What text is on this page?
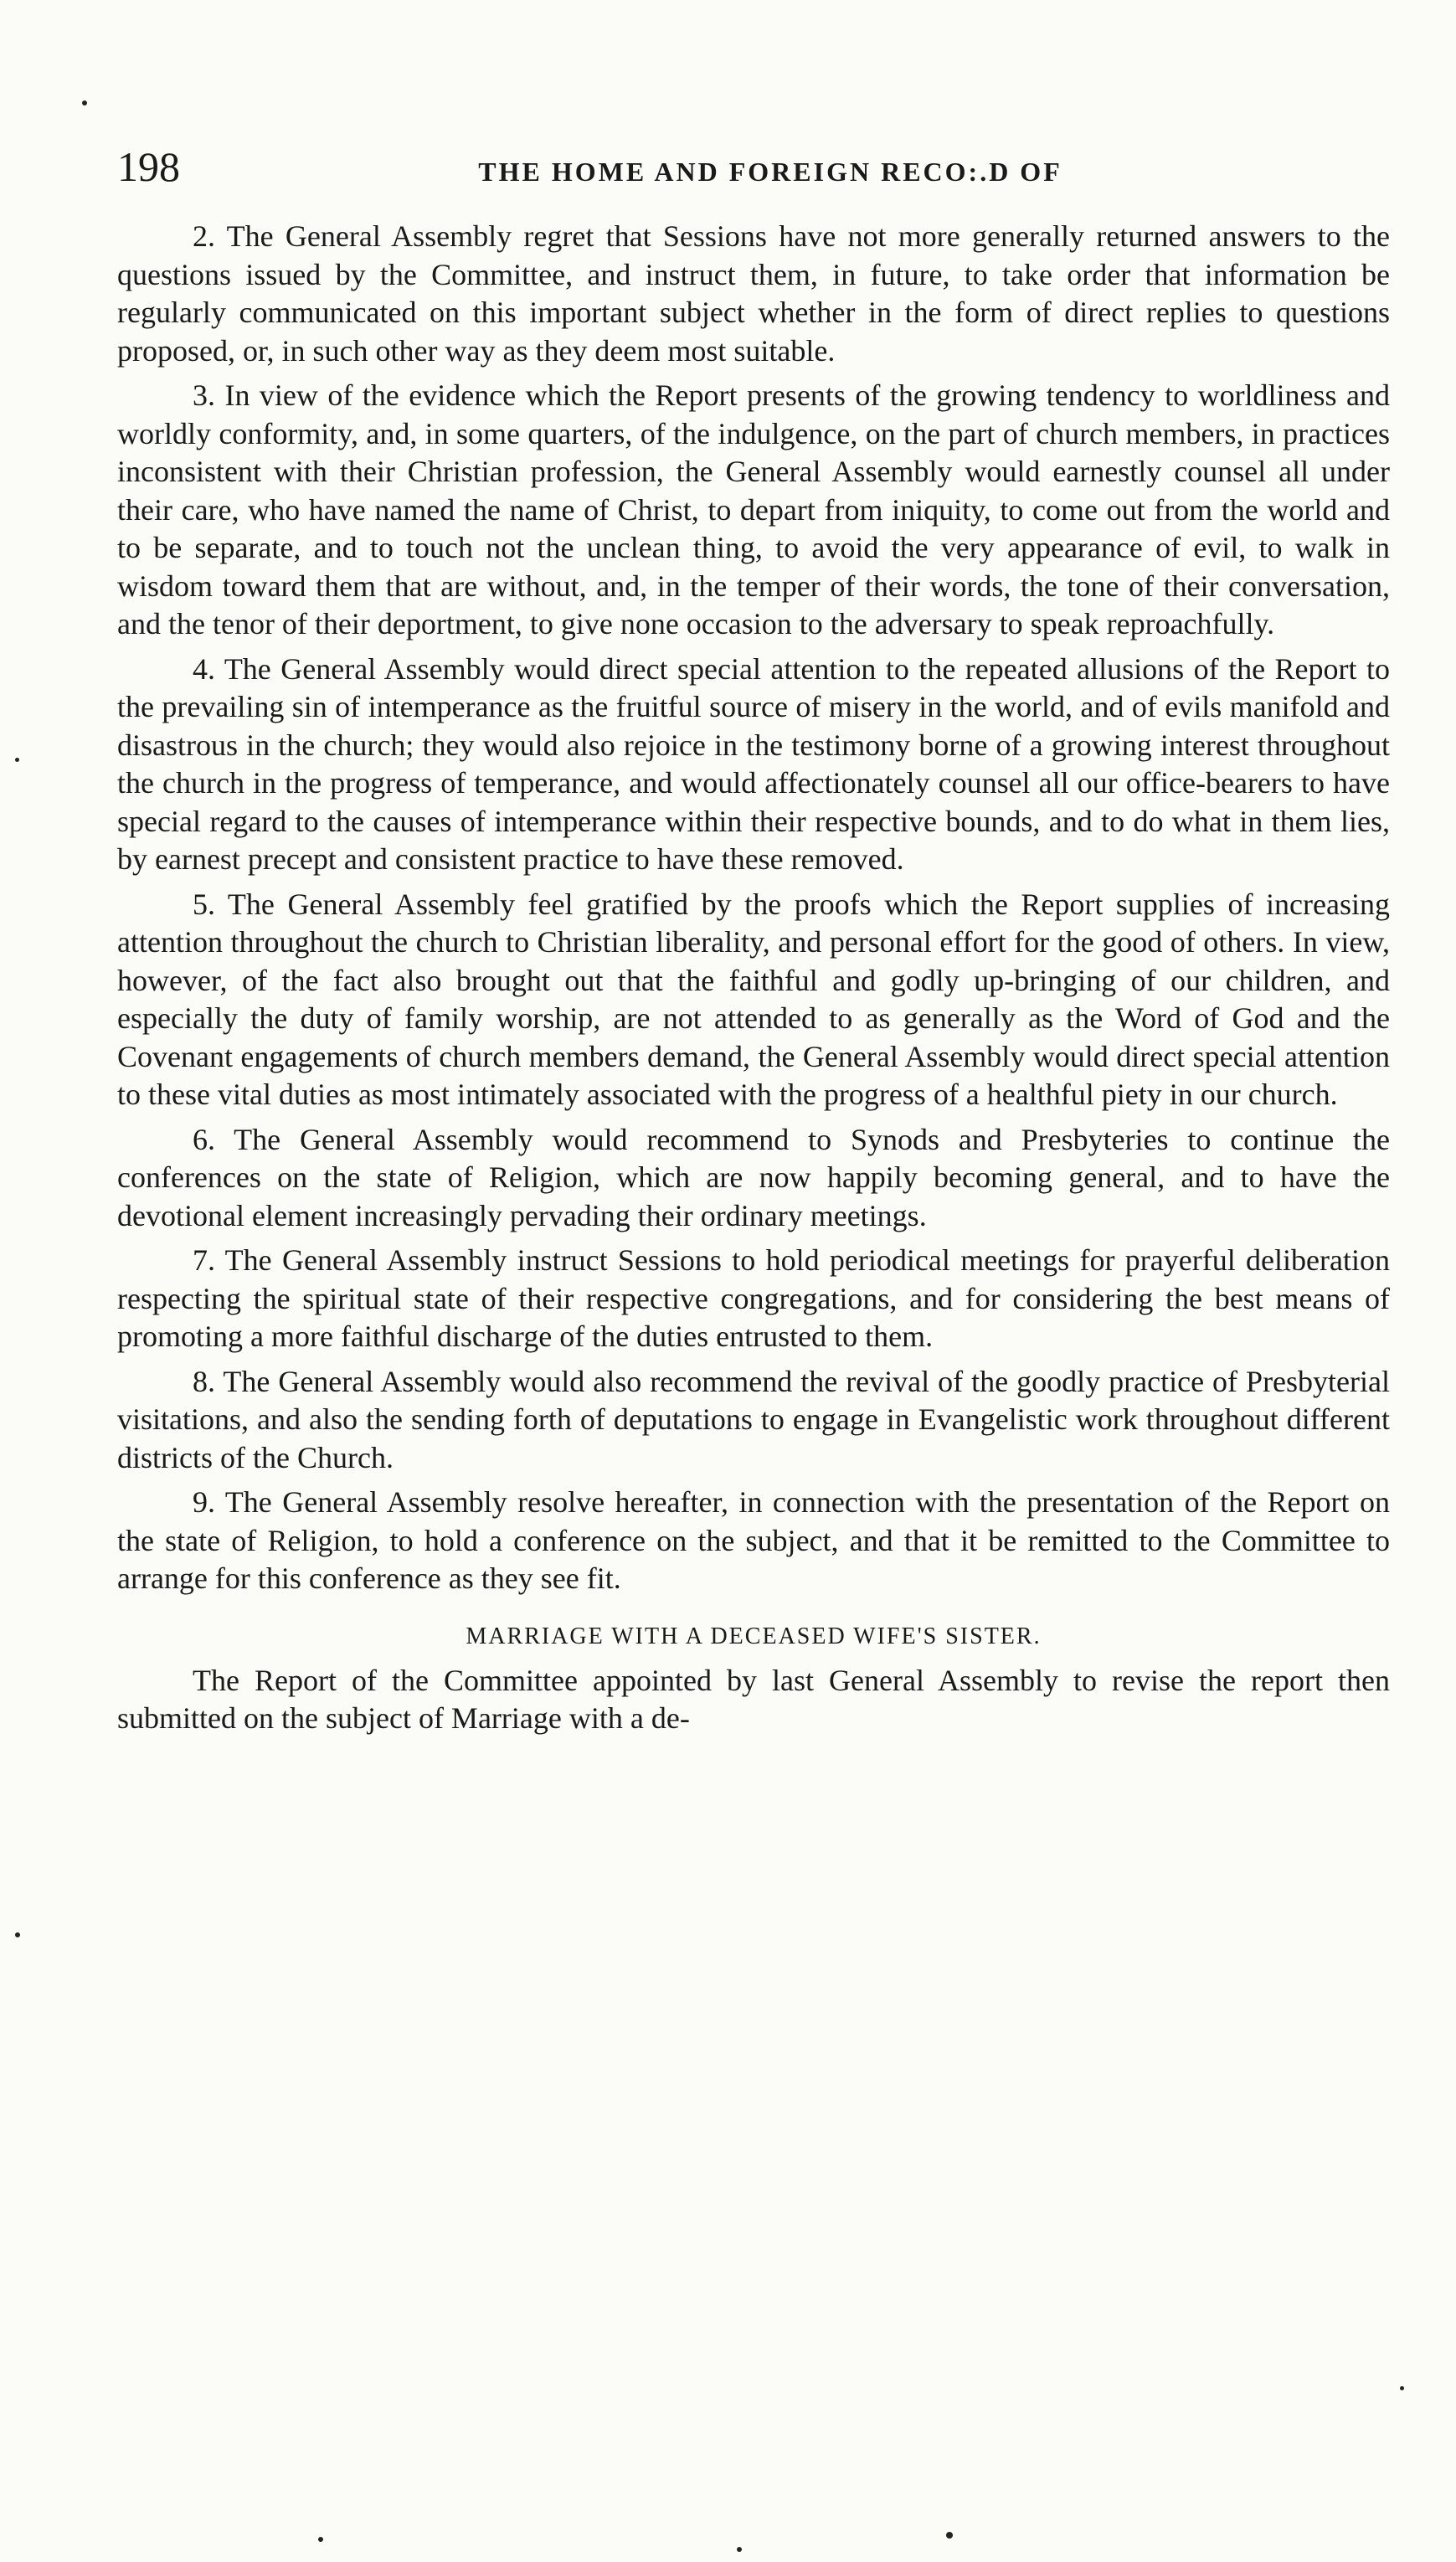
198	THE HOME AND FOREIGN RECO:.D OF

2. The General Assembly regret that Sessions have not more generally returned answers to the questions issued by the Committee, and instruct them, in future, to take order that information be regularly communicated on this important subject whether in the form of direct replies to questions proposed, or, in such other way as they deem most suitable.

3. In view of the evidence which the Report presents of the growing tendency to worldliness and worldly conformity, and, in some quarters, of the indulgence, on the part of church members, in practices inconsistent with their Christian profession, the General Assembly would earnestly counsel all under their care, who have named the name of Christ, to depart from iniquity, to come out from the world and to be separate, and to touch not the unclean thing, to avoid the very appearance of evil, to walk in wisdom toward them that are without, and, in the temper of their words, the tone of their conversation, and the tenor of their deportment, to give none occasion to the adversary to speak reproachfully.

4. The General Assembly would direct special attention to the repeated allusions of the Report to the prevailing sin of intemperance as the fruitful source of misery in the world, and of evils manifold and disastrous in the church; they would also rejoice in the testimony borne of a growing interest throughout the church in the progress of temperance, and would affectionately counsel all our office-bearers to have special regard to the causes of intemperance within their respective bounds, and to do what in them lies, by earnest precept and consistent practice to have these removed.

5. The General Assembly feel gratified by the proofs which the Report supplies of increasing attention throughout the church to Christian liberality, and personal effort for the good of others. In view, however, of the fact also brought out that the faithful and godly up-bringing of our children, and especially the duty of family worship, are not attended to as generally as the Word of God and the Covenant engagements of church members demand, the General Assembly would direct special attention to these vital duties as most intimately associated with the progress of a healthful piety in our church.

6. The General Assembly would recommend to Synods and Presbyteries to continue the conferences on the state of Religion, which are now happily becoming general, and to have the devotional element increasingly pervading their ordinary meetings.

7. The General Assembly instruct Sessions to hold periodical meetings for prayerful deliberation respecting the spiritual state of their respective congregations, and for considering the best means of promoting a more faithful discharge of the duties entrusted to them.

8. The General Assembly would also recommend the revival of the goodly practice of Presbyterial visitations, and also the sending forth of deputations to engage in Evangelistic work throughout different districts of the Church.

9. The General Assembly resolve hereafter, in connection with the presentation of the Report on the state of Religion, to hold a conference on the subject, and that it be remitted to the Committee to arrange for this conference as they see fit.

MARRIAGE WITH A DECEASED WIFE'S SISTER.

The Report of the Committee appointed by last General Assembly to revise the report then submitted on the subject of Marriage with a de-
